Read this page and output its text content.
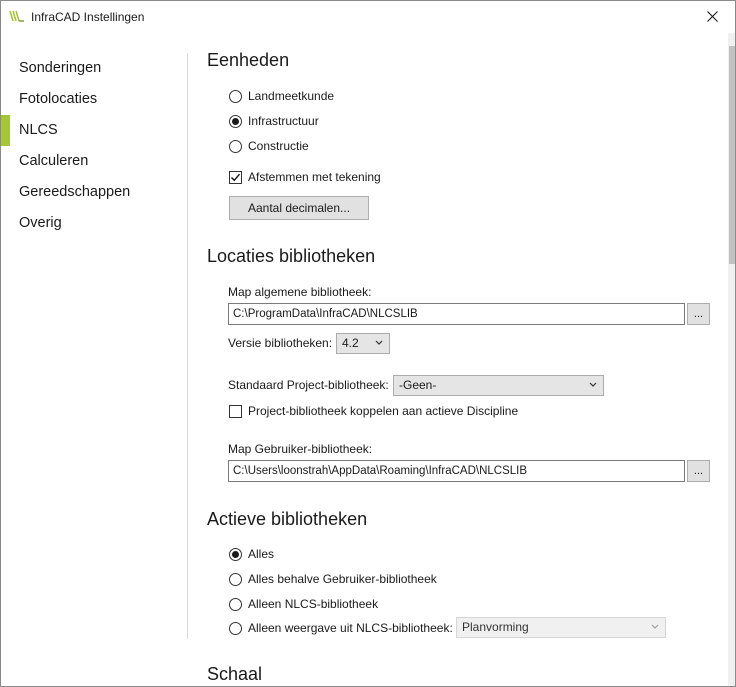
InfraCAD Instellingen
Sonderingen
Fotolocaties
NLCS
Calculeren
Gereedschappen
Overig
Eenheden
Landmeetkunde
Infrastructuur
Constructie
Afstemmen met tekening
Aantal decimalen...
Locaties bibliotheken
Map algemene bibliotheek:
C:\ProgramData\InfraCAD\NLCSLIB	...
Versie bibliotheken: 4.2
Standaard Project-bibliotheek: -Geen-
Project-bibliotheek koppelen aan actieve Discipline
Map Gebruiker-bibliotheek:
C:\Users\loonstrah\AppData\Roaming\InfraCAD\NLCSLIB	...
Actieve bibliotheken
Alles
Alles behalve Gebruiker-bibliotheek
Alleen NLCS-bibliotheek
Alleen weergave uit NLCS-bibliotheek: Planvorming
Schaal
